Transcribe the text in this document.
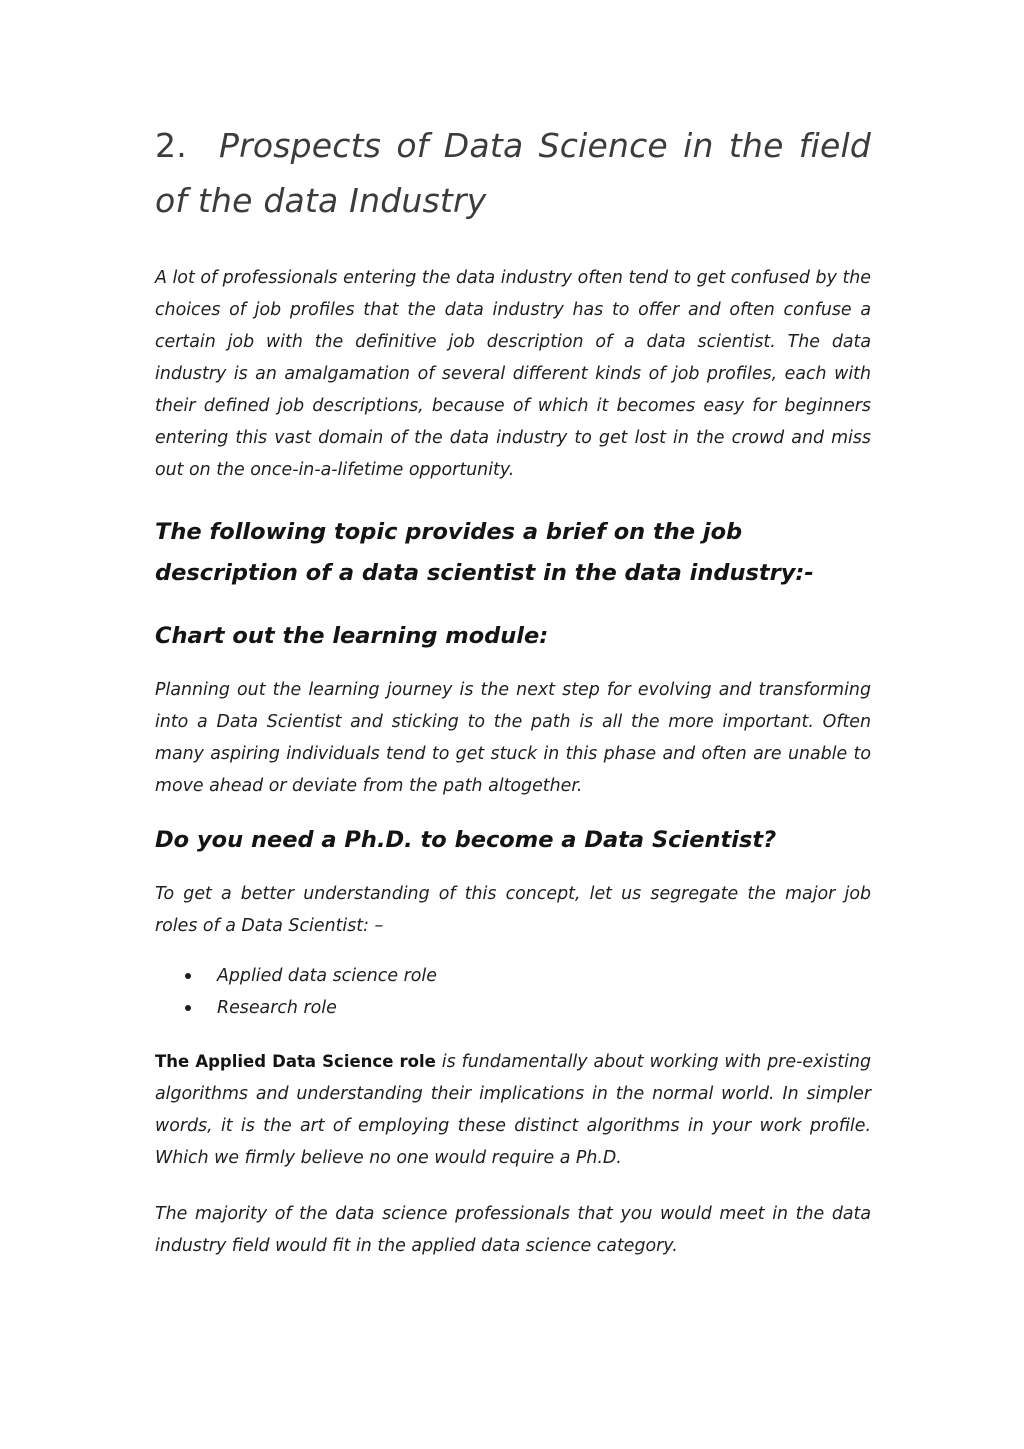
2. Prospects of Data Science in the field of the data Industry

A lot of professionals entering the data industry often tend to get confused by the choices of job profiles that the data industry has to offer and often confuse a certain job with the definitive job description of a data scientist. The data industry is an amalgamation of several different kinds of job profiles, each with their defined job descriptions, because of which it becomes easy for beginners entering this vast domain of the data industry to get lost in the crowd and miss out on the once-in-a-lifetime opportunity.

The following topic provides a brief on the job description of a data scientist in the data industry:-
Chart out the learning module:

Planning out the learning journey is the next step for evolving and transforming into a Data Scientist and sticking to the path is all the more important. Often many aspiring individuals tend to get stuck in this phase and often are unable to move ahead or deviate from the path altogether.

Do you need a Ph.D. to become a Data Scientist?

To get a better understanding of this concept, let us segregate the major job roles of a Data Scientist: –

Applied data science role
Research role

The Applied Data Science role is fundamentally about working with pre-existing algorithms and understanding their implications in the normal world. In simpler words, it is the art of employing these distinct algorithms in your work profile. Which we firmly believe no one would require a Ph.D.

The majority of the data science professionals that you would meet in the data industry field would fit in the applied data science category.
